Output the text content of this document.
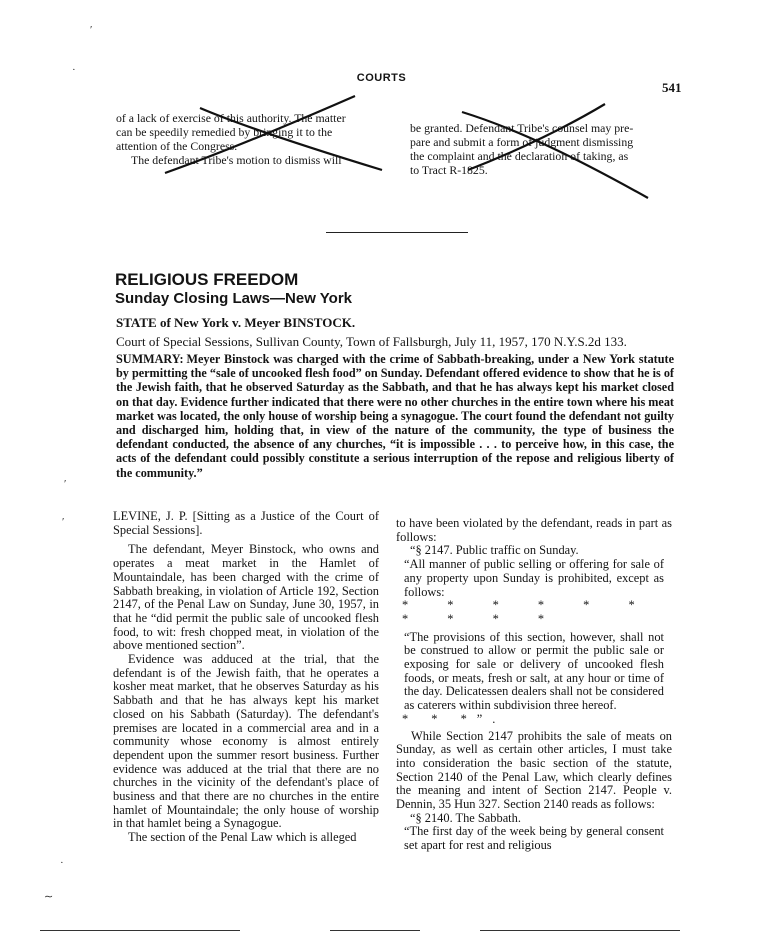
COURTS
541

of a lack of exercise of this authority. The matter

can be speedily remedied by bringing it to the

attention of the Congress.

The defendant Tribe's motion to dismiss will

be granted. Defendant Tribe's counsel may pre-

pare and submit a form of judgment dismissing

the complaint and the declaration of taking, as

to Tract R-1825.

RELIGIOUS FREEDOM
Sunday Closing Laws—New York
STATE of New York v. Meyer BINSTOCK.
Court of Special Sessions, Sullivan County, Town of Fallsburgh, July 11, 1957, 170 N.Y.S.2d 133.
SUMMARY: Meyer Binstock was charged with the crime of Sabbath-breaking, under a New York statute by permitting the “sale of uncooked flesh food” on Sunday. Defendant offered evidence to show that he is of the Jewish faith, that he observed Saturday as the Sabbath, and that he has always kept his market closed on that day. Evidence further indicated that there were no other churches in the entire town where his meat market was located, the only house of worship being a synagogue. The court found the defendant not guilty and discharged him, holding that, in view of the nature of the community, the type of business the defendant conducted, the absence of any churches, “it is impossible . . . to perceive how, in this case, the acts of the defendant could possibly constitute a serious interruption of the repose and religious liberty of the community.”

LEVINE, J. P. [Sitting as a Justice of the Court of Special Sessions].

The defendant, Meyer Binstock, who owns and operates a meat market in the Hamlet of Mountaindale, has been charged with the crime of Sabbath breaking, in violation of Article 192, Section 2147, of the Penal Law on Sunday, June 30, 1957, in that he “did permit the public sale of uncooked flesh food, to wit: fresh chopped meat, in violation of the above mentioned section”.

Evidence was adduced at the trial, that the defendant is of the Jewish faith, that he operates a kosher meat market, that he observes Saturday as his Sabbath and that he has always kept his market closed on his Sabbath (Saturday). The defendant's premises are located in a commercial area and in a community whose economy is almost entirely dependent upon the summer resort business. Further evidence was adduced at the trial that there are no churches in the vicinity of the defendant's place of business and that there are no churches in the entire hamlet of Mountaindale; the only house of worship in that hamlet being a Synagogue.

The section of the Penal Law which is alleged

to have been violated by the defendant, reads in part as follows:

“§ 2147. Public traffic on Sunday.

“All manner of public selling or offering for sale of any property upon Sunday is prohibited, except as follows:

* * * * * * * * * *

“The provisions of this section, however, shall not be construed to allow or permit the public sale or exposing for sale or delivery of uncooked flesh foods, or meats, fresh or salt, at any hour or time of the day. Delicatessen dealers shall not be considered as caterers within subdivision three hereof.

* * *”.

While Section 2147 prohibits the sale of meats on Sunday, as well as certain other articles, I must take into consideration the basic section of the statute, Section 2140 of the Penal Law, which clearly defines the meaning and intent of Section 2147. People v. Dennin, 35 Hun 327. Section 2140 reads as follows:

“§ 2140. The Sabbath.

“The first day of the week being by general consent set apart for rest and religious

′
·
′
′
·
∼
